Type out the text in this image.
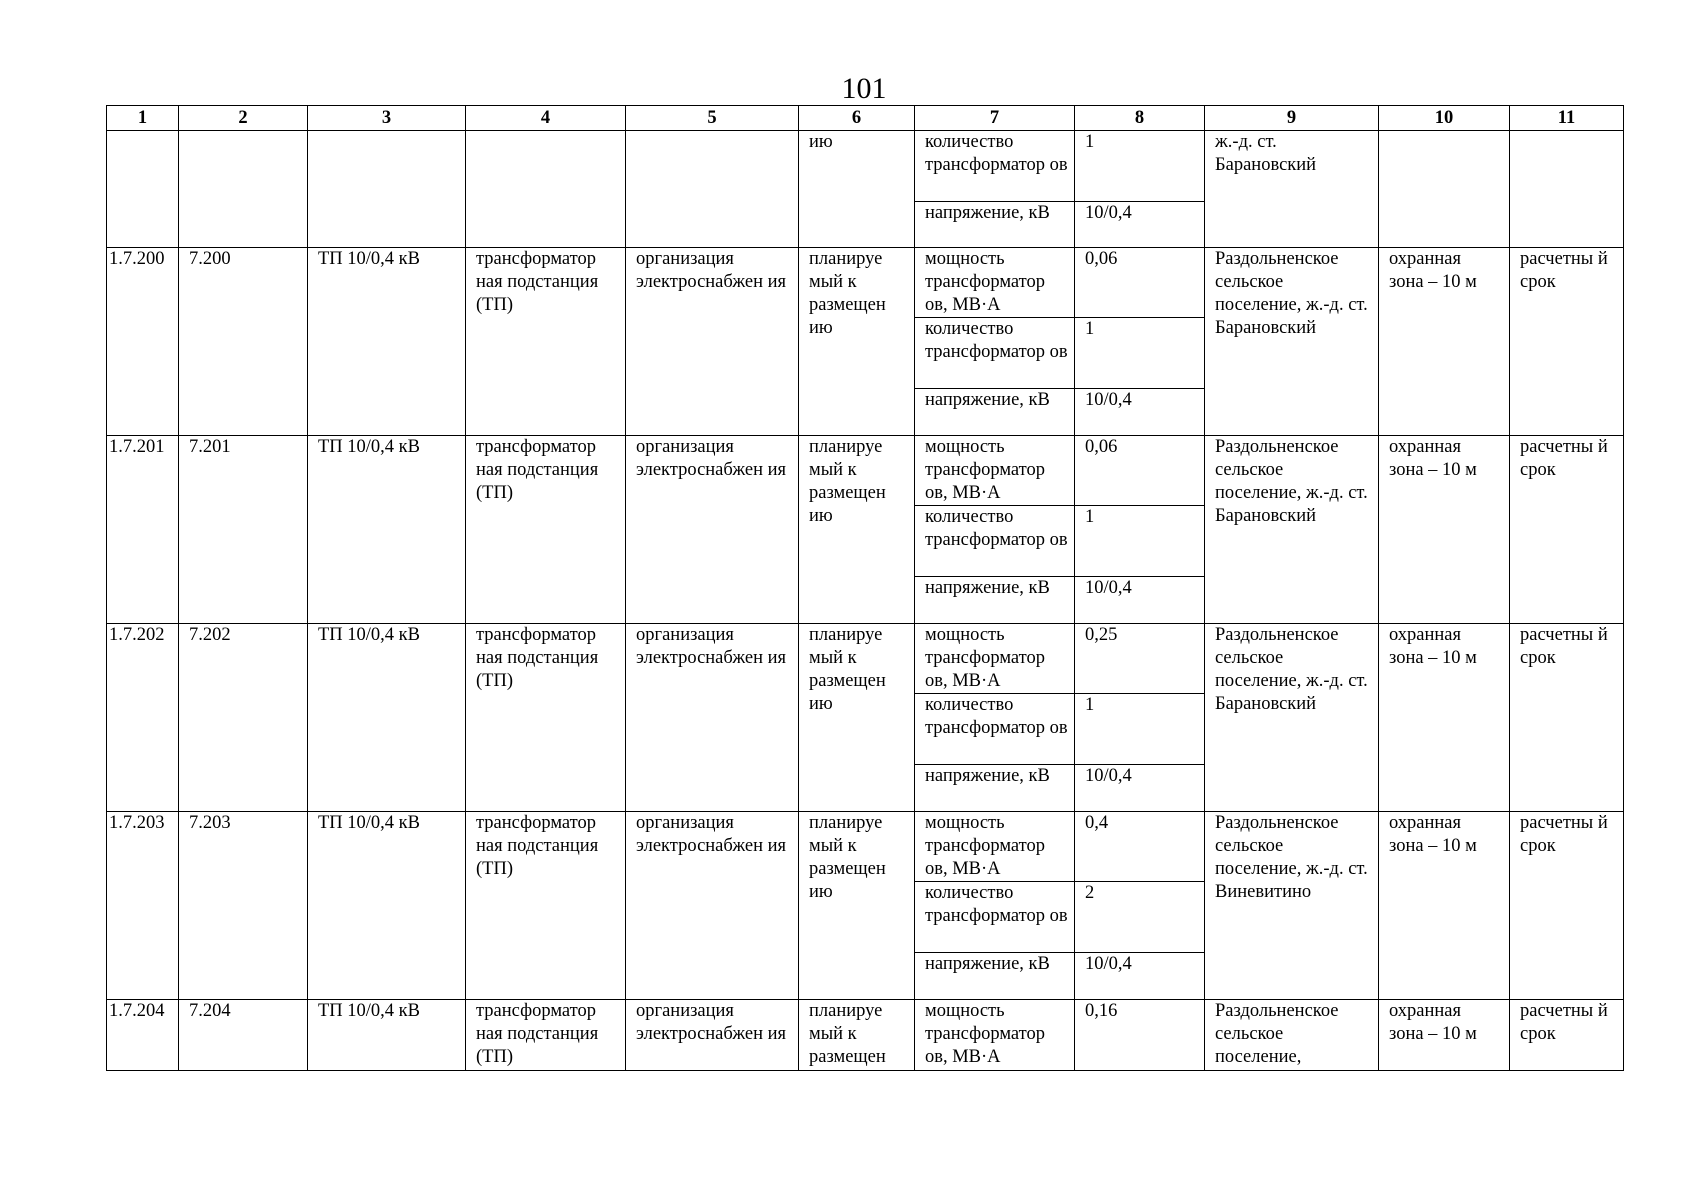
101
1	2	3	4	5	6	7	8	9	10	11
					ию	количество трансформатор ов	1	ж.-д. ст. Барановский		
						напряжение, кВ	10/0,4			
1.7.200	7.200	ТП 10/0,4 кВ	трансформатор ная подстанция (ТП)	организация электроснабжен ия	планируе мый к размещен ию	мощность трансформатор ов, МВ·А	0,06	Раздольненское сельское поселение, ж.-д. ст. Барановский	охранная зона – 10 м	расчетны й срок
						количество трансформатор ов	1			
						напряжение, кВ	10/0,4			
1.7.201	7.201	ТП 10/0,4 кВ	трансформатор ная подстанция (ТП)	организация электроснабжен ия	планируе мый к размещен ию	мощность трансформатор ов, МВ·А	0,06	Раздольненское сельское поселение, ж.-д. ст. Барановский	охранная зона – 10 м	расчетны й срок
						количество трансформатор ов	1			
						напряжение, кВ	10/0,4			
1.7.202	7.202	ТП 10/0,4 кВ	трансформатор ная подстанция (ТП)	организация электроснабжен ия	планируе мый к размещен ию	мощность трансформатор ов, МВ·А	0,25	Раздольненское сельское поселение, ж.-д. ст. Барановский	охранная зона – 10 м	расчетны й срок
						количество трансформатор ов	1			
						напряжение, кВ	10/0,4			
1.7.203	7.203	ТП 10/0,4 кВ	трансформатор ная подстанция (ТП)	организация электроснабжен ия	планируе мый к размещен ию	мощность трансформатор ов, МВ·А	0,4	Раздольненское сельское поселение, ж.-д. ст. Виневитино	охранная зона – 10 м	расчетны й срок
						количество трансформатор ов	2			
						напряжение, кВ	10/0,4			
1.7.204	7.204	ТП 10/0,4 кВ	трансформатор ная подстанция (ТП)	организация электроснабжен ия	планируе мый к размещен	мощность трансформатор ов, МВ·А	0,16	Раздольненское сельское поселение,	охранная зона – 10 м	расчетны й срок
